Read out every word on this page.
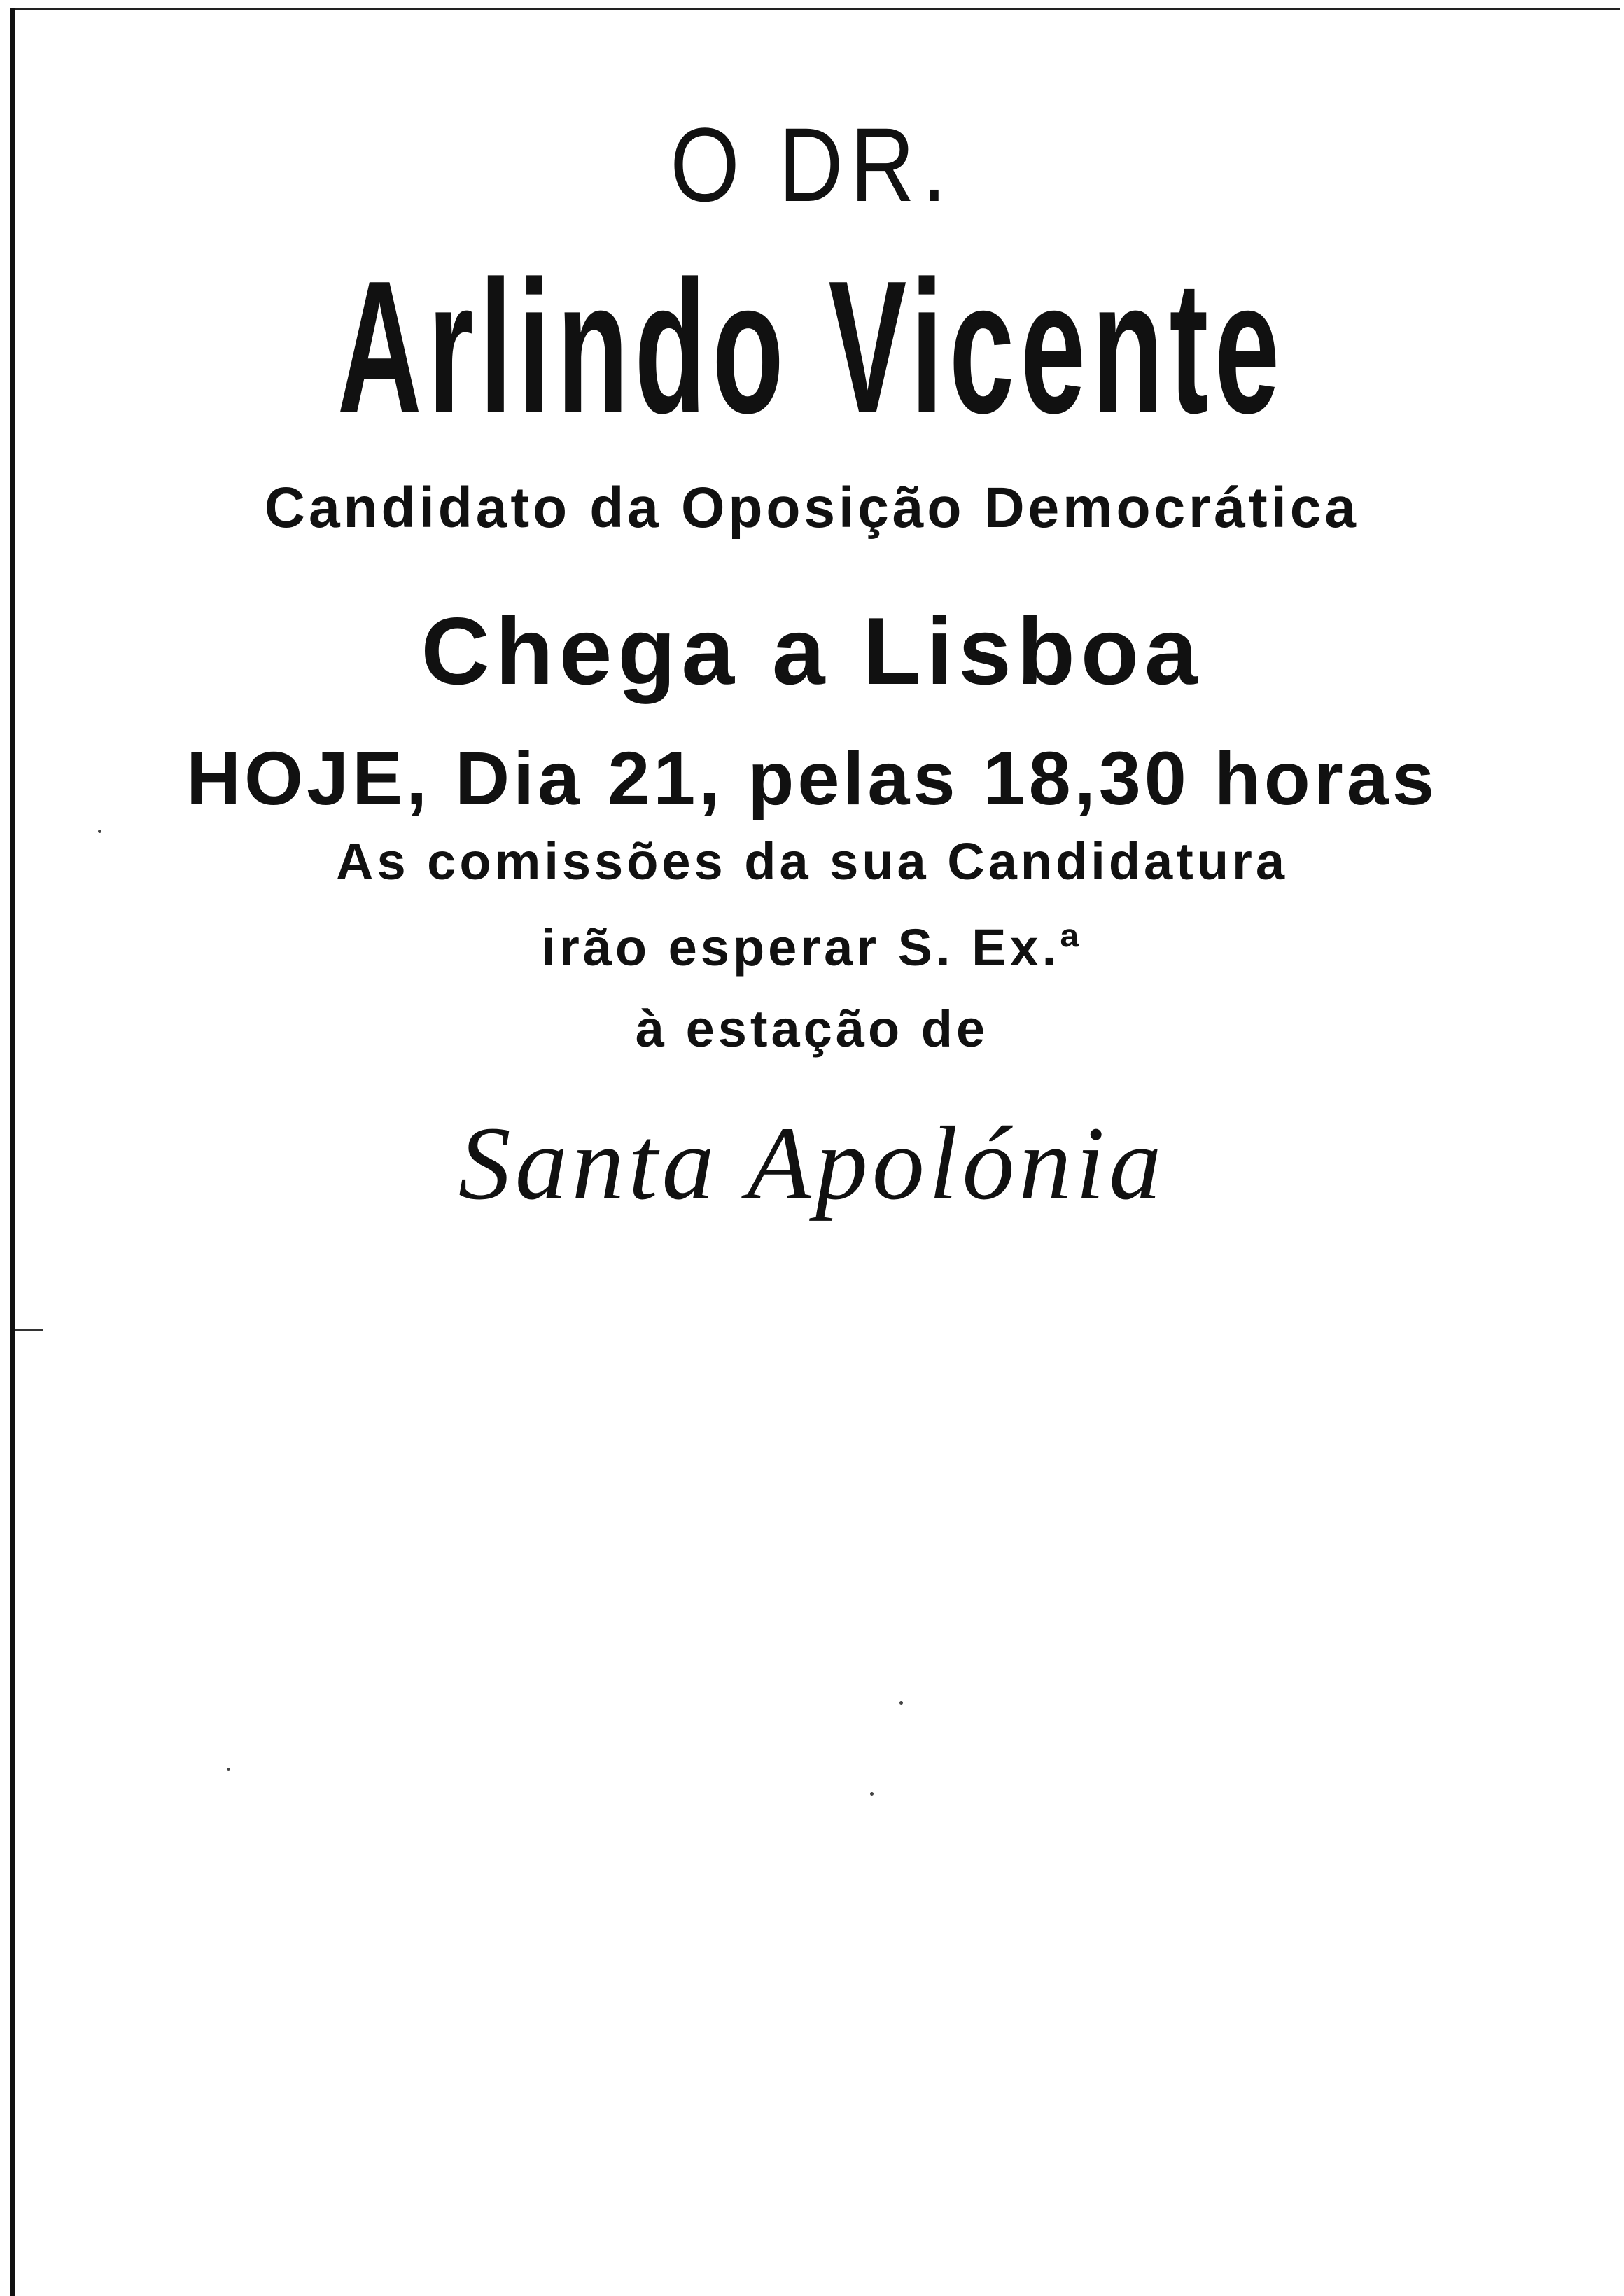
O DR.
Arlindo Vicente
Candidato da Oposição Democrática
Chega a Lisboa
HOJE, Dia 21, pelas 18,30 horas
As comissões da sua Candidatura
irão esperar S. Ex.ª
à estação de
Santa Apolónia
